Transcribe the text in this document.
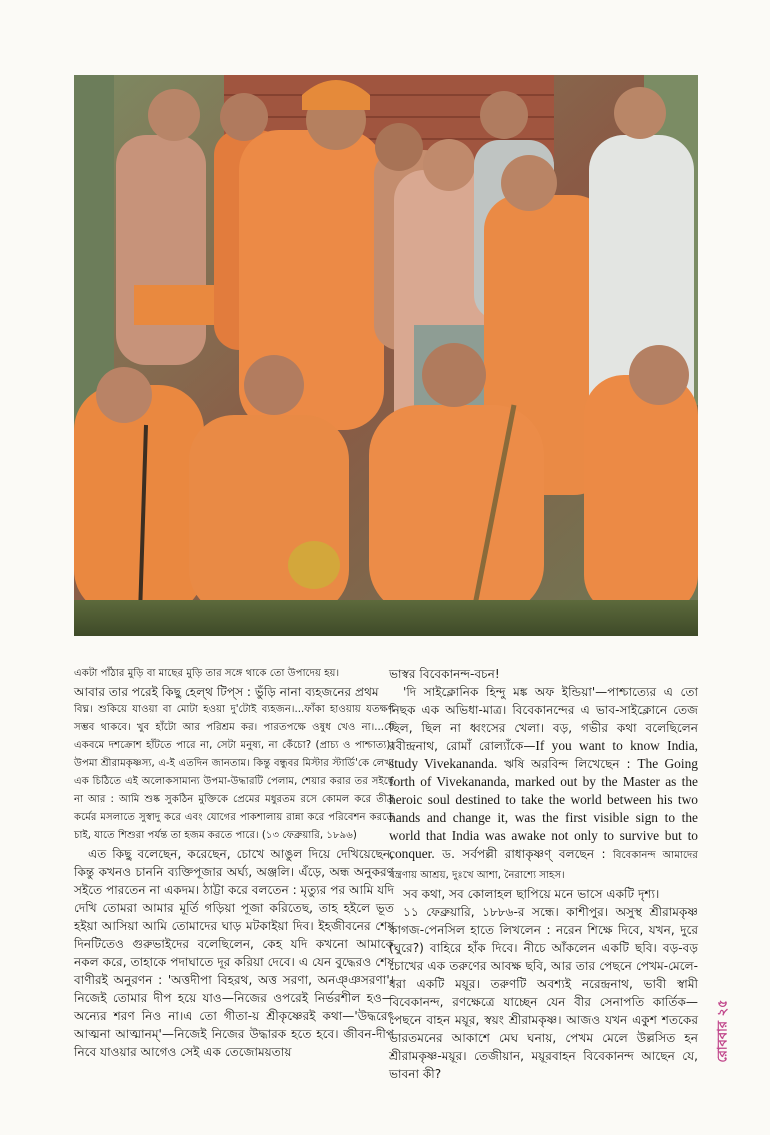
একটা পাঁঠার মুড়ি বা মাছের মুড়ি তার সঙ্গে থাকে তো উপাদেয় হয়।

আবার তার পরেই কিছু হেল্‌থ টিপ্‌স : ভুঁড়ি নানা ব্যহজনের প্রথম

বিঘ্ন। শুকিয়ে যাওয়া বা মোটা হওয়া দু'টোই ব্যহজন।...ফাঁকা হাওয়ায় যতক্ষণ সম্ভব থাকবে। খুব হাঁটো আর পরিশ্রম কর। পারতপক্ষে ওষুধ খেও না।...যে একবমে দশক্রোশ হাঁটতে পারে না, সেটা মনুষ্য, না কেঁচো? (প্রাচ্য ও পাশ্চাত্য)। উপমা শ্রীরামকৃষ্ণস্য, এ-ই এতদিন জানতাম। কিন্তু বন্ধুবর মিস্টার স্টার্ডি'কে লেখা এক চিঠিতে এই অলোকসামান্য উপমা-উদ্ধারটি পেলাম, শেয়ার করার তর সইছে না আর : আমি শুষ্ক সুকঠিন মুক্তিকে প্রেমের মধুরতম রসে কোমল করে তীব্র কর্মের মসলাতে সুস্বাদু করে এবং যোগের পাকশালায় রান্না করে পরিবেশন করতে চাই, যাতে শিশুরা পর্যন্ত তা হজম করতে পারে। (১৩ ফেব্রুয়ারি, ১৮৯৬)

এত কিছু বলেছেন, করেছেন, চোখে আঙুল দিয়ে দেখিয়েছেন, কিন্তু কখনও চাননি ব্যক্তিপূজার অর্ঘ্য, অঞ্জলি। এঁড়ে, অন্ধ অনুকরণ সইতে পারতেন না একদম। ঠাট্টা করে বলতেন : মৃত্যুর পর আমি যদি দেখি তোমরা আমার মূর্তি গড়িয়া পূজা করিতেছ, তাহ হইলে ভূত হইয়া আসিয়া আমি তোমাদের ঘাড় মটকাইয়া দিব। ইহজীবনের শেষ দিনটিতেও গুরুভাইদের বলেছিলেন, কেহ যদি কখনো আমাকে নকল করে, তাহাকে পদাঘাতে দূর করিয়া দেবে। এ যেন বুদ্ধেরও শেষ বাণীরই অনুরণন : 'অত্তদীপা বিহরথ, অত্ত সরণা, অনঞ্‌ঞসরণা'। নিজেই তোমার দীপ হয়ে যাও—নিজের ওপরেই নির্ভরশীল হও—অন্যের শরণ নিও না।এ তো গীতা-য় শ্রীকৃষ্ণেরই কথা—'উদ্ধরেৎ আত্মনা আত্মানম্'—নিজেই নিজের উদ্ধারক হতে হবে। জীবন-দীপ নিবে যাওয়ার আগেও সেই এক তেজোময়তায়

ভাস্বর বিবেকানন্দ-বচন!

'দি সাইক্লোনিক হিন্দু মঙ্ক অফ ইন্ডিয়া'—পাশ্চাত্যের এ তো নিছক এক অভিধা-মাত্র। বিবেকানন্দের এ ভাব-সাইক্লোনে তেজ ছিল, ছিল না ধ্বংসের খেলা। বড়, গভীর কথা বলেছিলেন রবীন্দ্রনাথ, রোমাঁ রোল্যাঁকে—If you want to know India, study Vivekananda. ঋষি অরবিন্দ লিখেছেন : The Going forth of Vivekananda, marked out by the Master as the heroic soul destined to take the world between his two hands and change it, was the first visible sign to the world that India was awake not only to survive but to conquer. ড. সর্বপল্লী রাধাকৃষ্ণণ্‌ বলছেন : বিবেকানন্দ আমাদের যন্ত্রণায় আশ্রয়, দুঃখে আশা, নৈরাশ্যে সাহস।

সব কথা, সব কোলাহল ছাপিয়ে মনে ভাসে একটি দৃশ্য।

১১ ফেব্রুয়ারি, ১৮৮৬-র সন্ধে। কাশীপুর। অসুস্থ শ্রীরামকৃষ্ণ কাগজ-পেনসিল হাতে লিখলেন : নরেন শিক্ষে দিবে, যখন, দুরে (ঘুরে?) বাহিরে হাঁক দিবে। নীচে আঁকলেন একটি ছবি। বড়-বড় চোখের এক তরুণের আবক্ষ ছবি, আর তার পেছনে পেখম-মেলে-ধরা একটি ময়ূর। তরুণটি অবশ্যই নরেন্দ্রনাথ, ভাবী স্বামী বিবেকানন্দ, রণক্ষেত্রে যাচ্ছেন যেন বীর সেনাপতি কার্তিক—পেছনে বাহন ময়ূর, স্বয়ং শ্রীরামকৃষ্ণ। আজও যখন একুশ শতকের ভারতমনের আকাশে মেঘ ঘনায়, পেখম মেলে উল্লসিত হন শ্রীরামকৃষ্ণ-ময়ূর। তেজীয়ান, ময়ূরবাহন বিবেকানন্দ আছেন যে, ভাবনা কী?

রোববার ২৫
